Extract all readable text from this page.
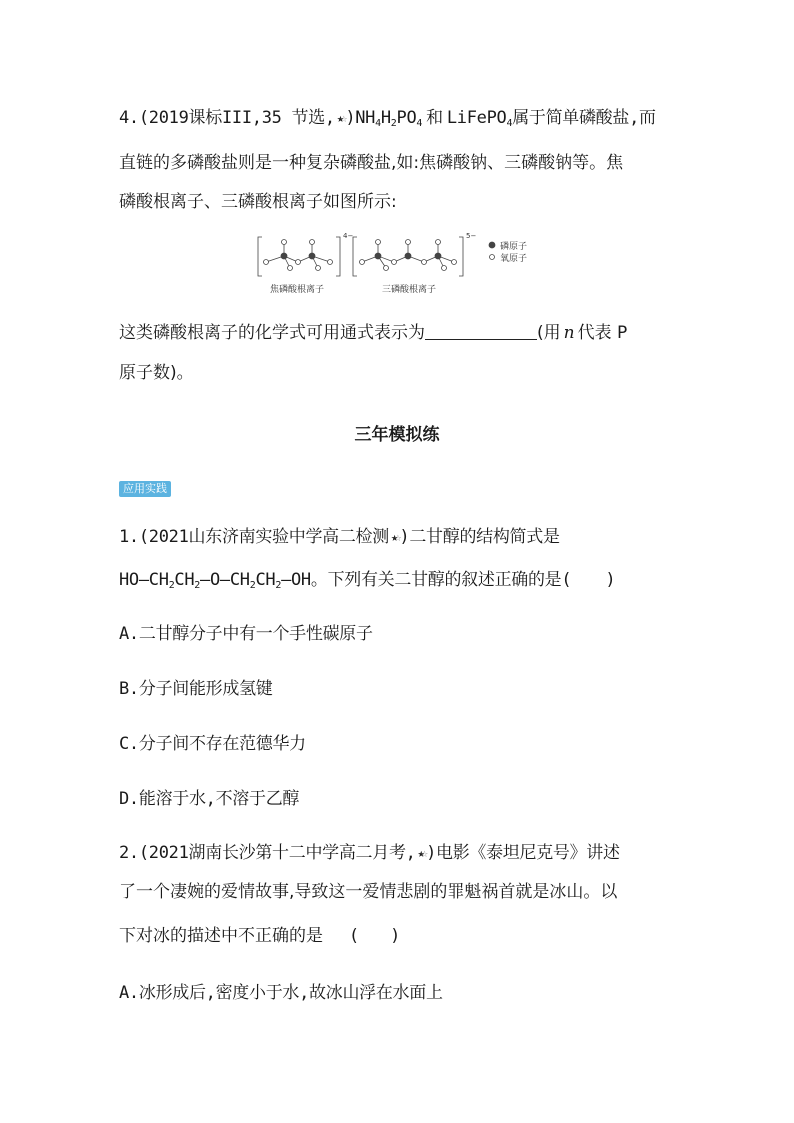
4.(2019课标III,35 节选, ★☆ )$NH_4H_2PO_4$ 和 LiFePO$_4$属于简单磷酸盐,而
直链的多磷酸盐则是一种复杂磷酸盐,如:焦磷酸钠、三磷酸钠等。焦
磷酸根离子、三磷酸根离子如图所示:
4−	5−
磷原子
氧原子
焦磷酸根离子	三磷酸根离子
这类磷酸根离子的化学式可用通式表示为	(用 n 代表 P
原子数)。
三年模拟练
应用实践
1.(2021山东济南实验中学高二检测 ★☆ )二甘醇的结构简式是
$HO—CH_2CH_2—O—CH_2CH_2—OH$。下列有关二甘醇的叙述正确的是( )
A.二甘醇分子中有一个手性碳原子
B.分子间能形成氢键
C.分子间不存在范德华力
D.能溶于水,不溶于乙醇
2.(2021湖南长沙第十二中学高二月考, ★☆ )电影《泰坦尼克号》讲述
了一个凄婉的爱情故事,导致这一爱情悲剧的罪魁祸首就是冰山。以
下对冰的描述中不正确的是 ( )
A.冰形成后,密度小于水,故冰山浮在水面上
